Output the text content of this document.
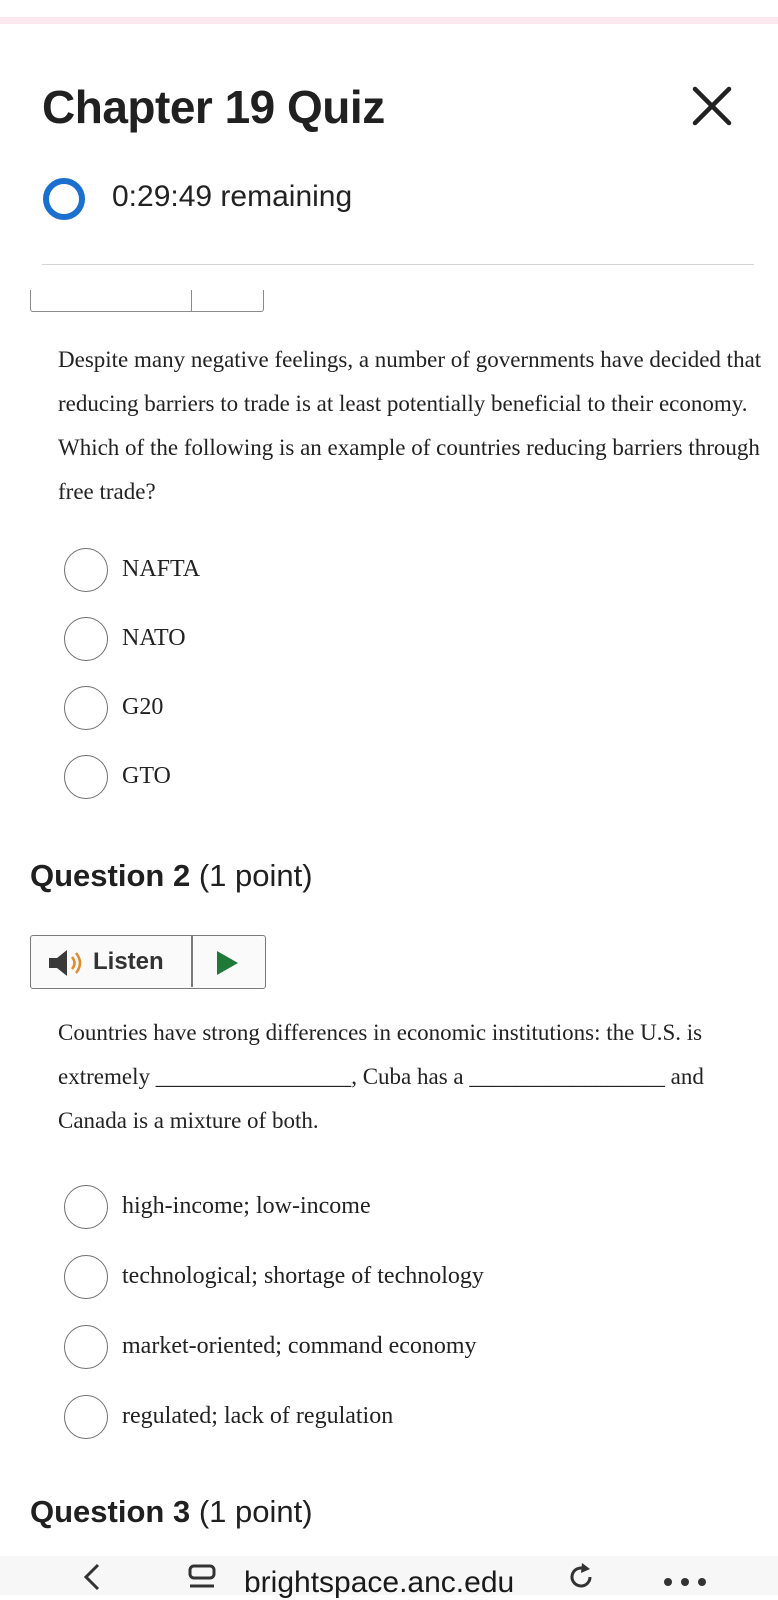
Chapter 19 Quiz
0:29:49 remaining
Despite many negative feelings, a number of governments have decided that reducing barriers to trade is at least potentially beneficial to their economy. Which of the following is an example of countries reducing barriers through free trade?
NAFTA
NATO
G20
GTO
Question 2 (1 point)
Listen
Countries have strong differences in economic institutions: the U.S. is extremely _________________, Cuba has a _________________ and Canada is a mixture of both.
high-income; low-income
technological; shortage of technology
market-oriented; command economy
regulated; lack of regulation
Question 3 (1 point)
brightspace.anc.edu
